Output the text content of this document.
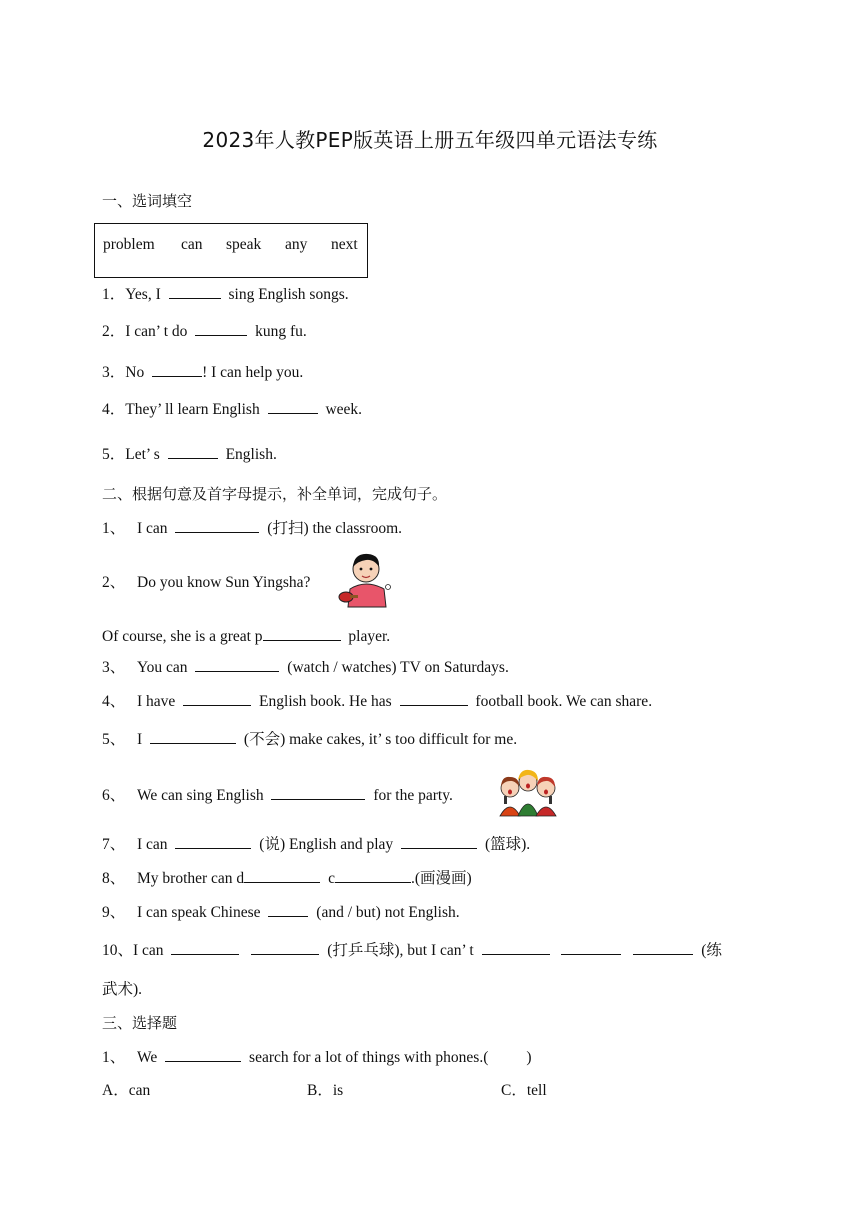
2023年人教PEP版英语上册五年级四单元语法专练
一、选词填空
problem can speak any next
1．Yes, I	sing English songs.
2．I can’ t do	kung fu.
3．No	! I can help you.
4．They’ ll learn English	week.
5．Let’ s	English.
二、根据句意及首字母提示，补全单词，完成句子。
1、 I can	(打扫) the classroom.
2、 Do you know Sun Yingsha?
Of course, she is a great p	player.
3、 You can	(watch / watches) TV on Saturdays.
4、 I have	English book. He has	football book. We can share.
5、 I	(不会) make cakes, it’ s too difficult for me.
6、 We can sing English	for the party.
7、 I can	(说) English and play	(篮球).
8、 My brother can d	c	.(画漫画)
9、 I can speak Chinese	(and / but) not English.
10、I can	(打乒乓球), but I can’ t	(练
武术).
三、选择题
1、 We	search for a lot of things with phones.( )
A．can	B．is	C．tell
